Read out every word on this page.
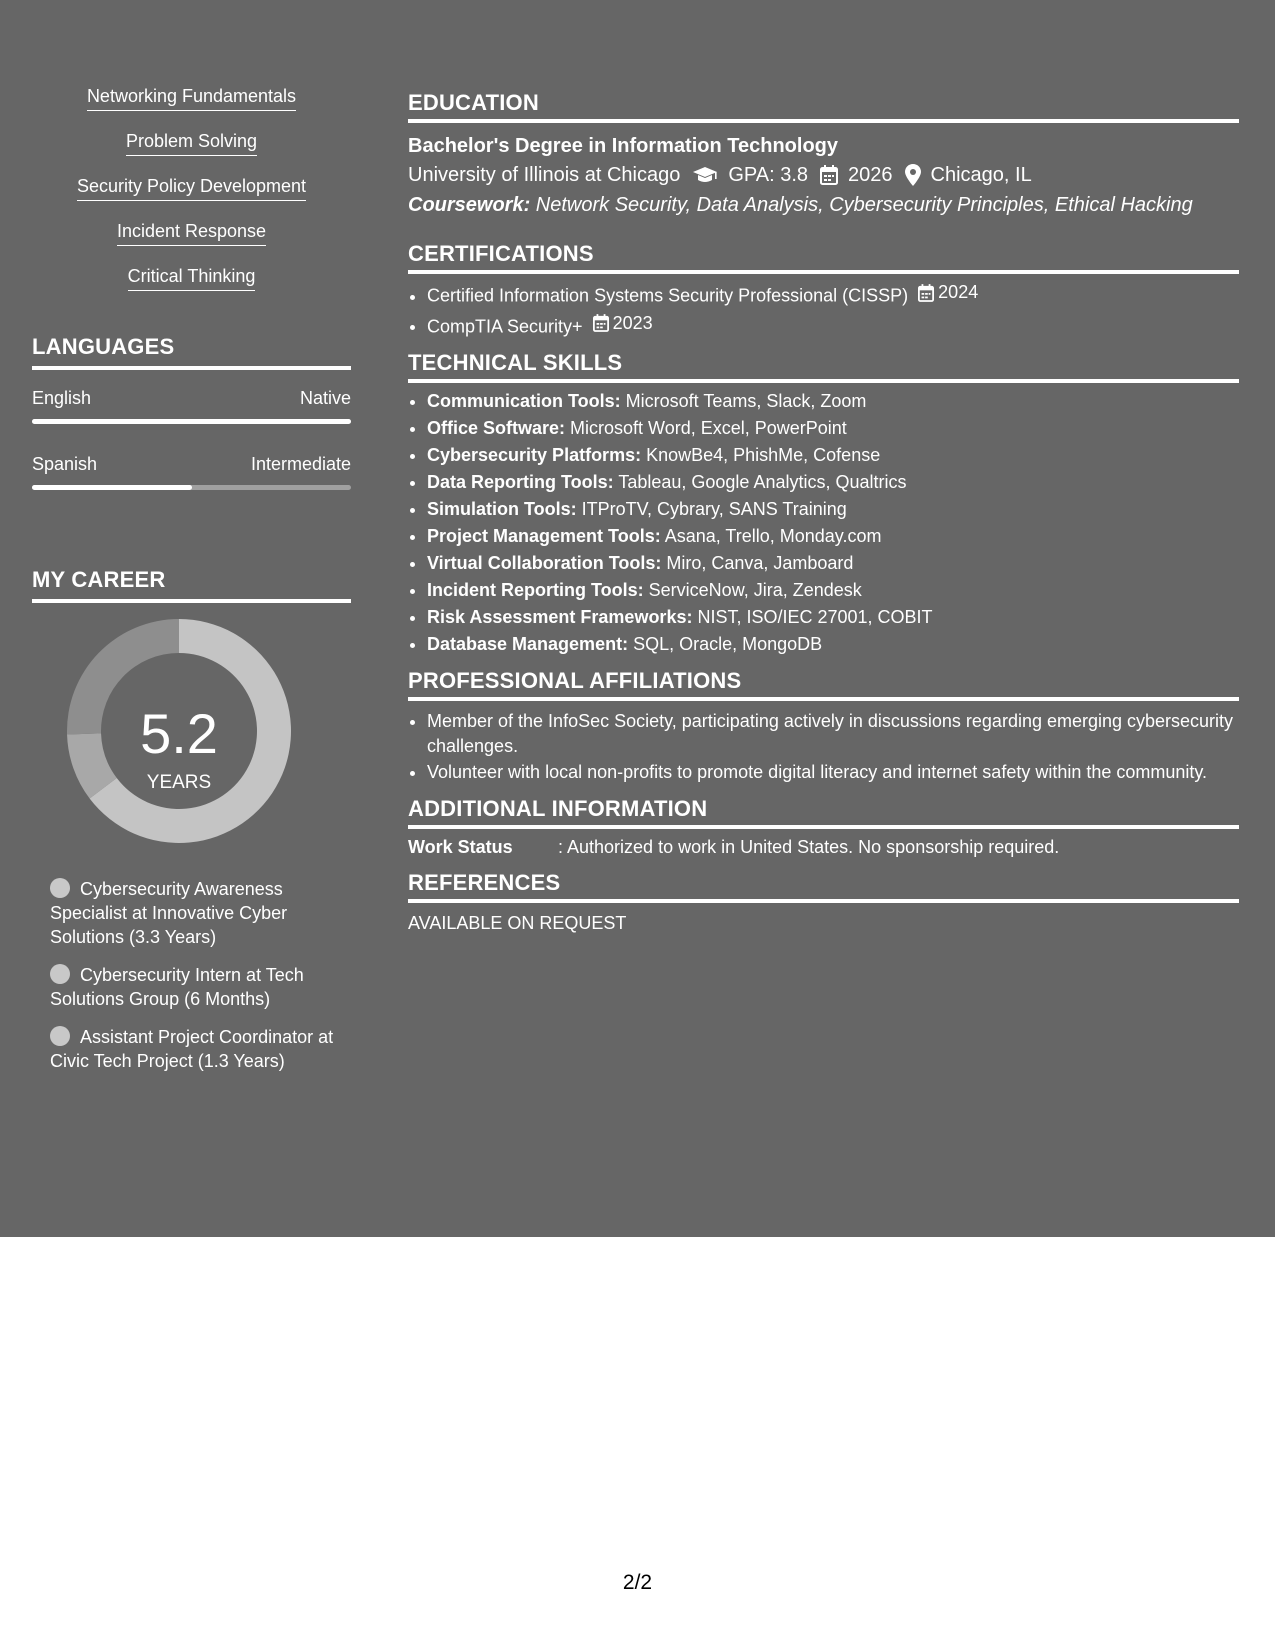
Networking Fundamentals
Problem Solving
Security Policy Development
Incident Response
Critical Thinking
LANGUAGES
English	Native
Spanish	Intermediate
MY CAREER
5.2
YEARS
Cybersecurity Awareness Specialist at Innovative Cyber Solutions (3.3 Years)
Cybersecurity Intern at Tech Solutions Group (6 Months)
Assistant Project Coordinator at Civic Tech Project (1.3 Years)
EDUCATION
Bachelor's Degree in Information Technology
University of Illinois at Chicago GPA: 3.8 2026 Chicago, IL
Coursework: Network Security, Data Analysis, Cybersecurity Principles, Ethical Hacking
CERTIFICATIONS
• Certified Information Systems Security Professional (CISSP) 2024
• CompTIA Security+ 2023
TECHNICAL SKILLS
• Communication Tools: Microsoft Teams, Slack, Zoom
• Office Software: Microsoft Word, Excel, PowerPoint
• Cybersecurity Platforms: KnowBe4, PhishMe, Cofense
• Data Reporting Tools: Tableau, Google Analytics, Qualtrics
• Simulation Tools: ITProTV, Cybrary, SANS Training
• Project Management Tools: Asana, Trello, Monday.com
• Virtual Collaboration Tools: Miro, Canva, Jamboard
• Incident Reporting Tools: ServiceNow, Jira, Zendesk
• Risk Assessment Frameworks: NIST, ISO/IEC 27001, COBIT
• Database Management: SQL, Oracle, MongoDB
PROFESSIONAL AFFILIATIONS
• Member of the InfoSec Society, participating actively in discussions regarding emerging cybersecurity challenges.
• Volunteer with local non-profits to promote digital literacy and internet safety within the community.
ADDITIONAL INFORMATION
Work Status	: Authorized to work in United States. No sponsorship required.
REFERENCES
AVAILABLE ON REQUEST
2/2
